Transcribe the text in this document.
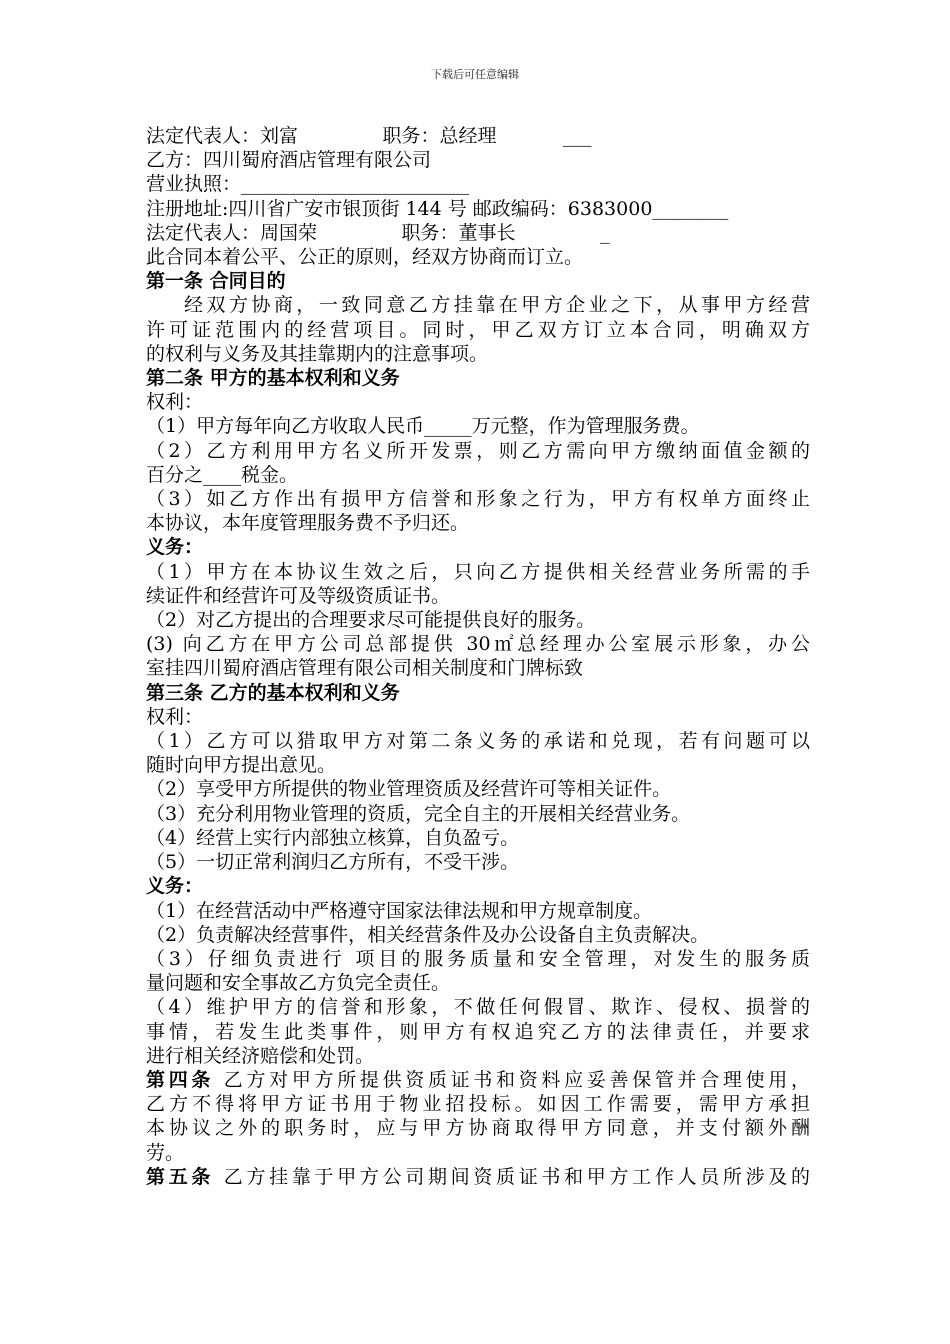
下载后可任意编辑
法定代表人：刘富              职务：总经理           ___
乙方：四川蜀府酒店管理有限公司
营业执照：________________________
注册地址:四川省广安市银顶街 144 号 邮政编码：6383000________
法定代表人：周国荣              职务：董事长              _
此合同本着公平、公正的原则，经双方协商而订立。
第一条 合同目的
经双方协商，一致同意乙方挂靠在甲方企业之下，从事甲方经营
许可证范围内的经营项目。同时，甲乙双方订立本合同，明确双方
的权利与义务及其挂靠期内的注意事项。
第二条 甲方的基本权利和义务
权利：
（1）甲方每年向乙方收取人民币_____万元整，作为管理服务费。
（2）乙方利用甲方名义所开发票，则乙方需向甲方缴纳面值金额的
百分之____税金。
（3）如乙方作出有损甲方信誉和形象之行为，甲方有权单方面终止
本协议，本年度管理服务费不予归还。
义务：
（1）甲方在本协议生效之后，只向乙方提供相关经营业务所需的手
续证件和经营许可及等级资质证书。
（2）对乙方提出的合理要求尽可能提供良好的服务。
(3) 向乙方在甲方公司总部提供 30㎡总经理办公室展示形象，办公
室挂四川蜀府酒店管理有限公司相关制度和门牌标致
第三条 乙方的基本权利和义务
权利：
（1）乙方可以猎取甲方对第二条义务的承诺和兑现，若有问题可以
随时向甲方提出意见。
（2）享受甲方所提供的物业管理资质及经营许可等相关证件。
（3）充分利用物业管理的资质，完全自主的开展相关经营业务。
（4）经营上实行内部独立核算，自负盈亏。
（5）一切正常利润归乙方所有，不受干涉。
义务：
（1）在经营活动中严格遵守国家法律法规和甲方规章制度。
（2）负责解决经营事件，相关经营条件及办公设备自主负责解决。
（3）仔细负责进行 项目的服务质量和安全管理，对发生的服务质
量问题和安全事故乙方负完全责任。
（4）维护甲方的信誉和形象，不做任何假冒、欺诈、侵权、损誉的
事情，若发生此类事件，则甲方有权追究乙方的法律责任，并要求
进行相关经济赔偿和处罚。
第四条 乙方对甲方所提供资质证书和资料应妥善保管并合理使用，
乙方不得将甲方证书用于物业招投标。如因工作需要，需甲方承担
本协议之外的职务时，应与甲方协商取得甲方同意，并支付额外酬
劳。
第五条 乙方挂靠于甲方公司期间资质证书和甲方工作人员所涉及的
